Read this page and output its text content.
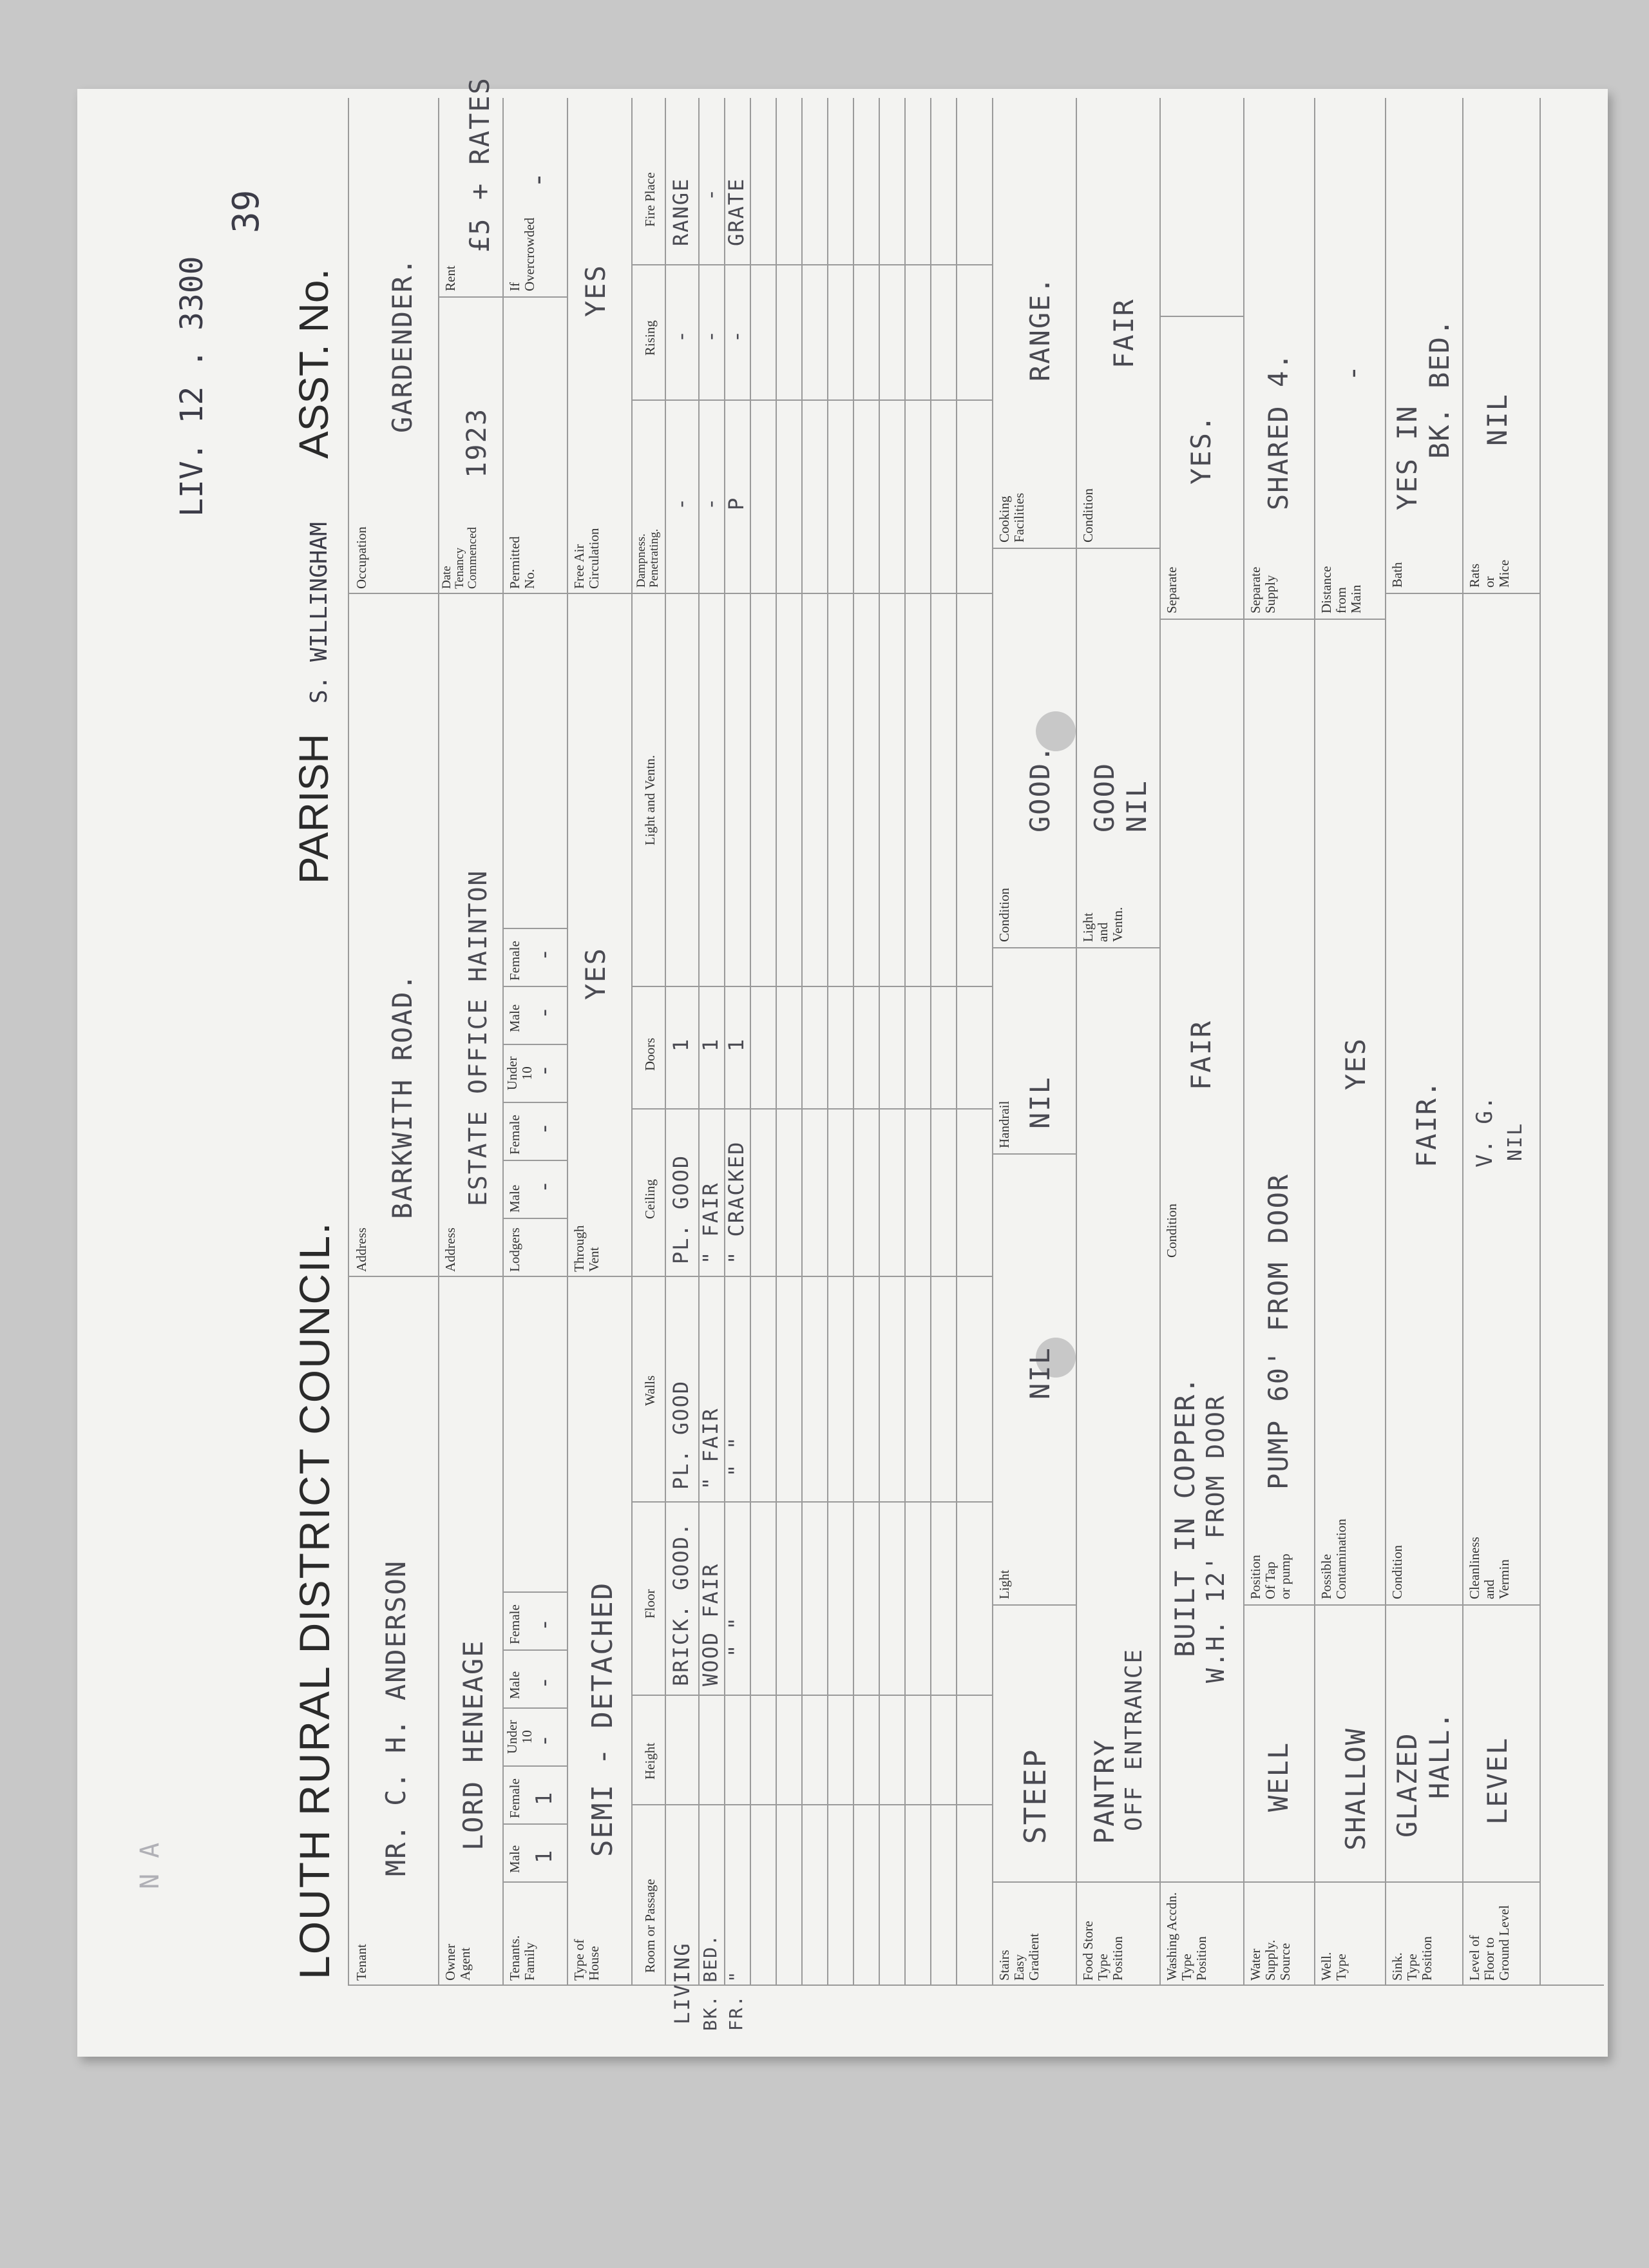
Tenant
MR. C. H. ANDERSON
Address
BARKWITH ROAD.
Occupation
GARDENDER.
Owner
Agent
LORD HENEAGE
Address
ESTATE OFFICE HAINTON
Date
Tenancy
Commenced
1923
Rent
£5 + RATES
Tenants.
Family
Male
Female
Under
10
Male
Female
1
1
-
-
-
Lodgers
Male
Female
Under
10
Male
Female
-
-
-
-
-
Permitted
No.
If
Overcrowded
-
Type of
House
SEMI - DETACHED
Through
Vent
YES
Free Air
Circulation
YES
Room or Passage
Height
Floor
Walls
Ceiling
Doors
Light and Ventn.
Dampness.
Penetrating.
Rising
Fire Place
LIVING
BRICK. GOOD.
PL. GOOD
PL. GOOD
1
-
-
RANGE
BK. BED.
WOOD FAIR
" FAIR
" FAIR
1
-
-
-
FR. "
" "
" "
" CRACKED
1
P
-
GRATE
Stairs
Easy
Gradient
STEEP
Light
NIL
Handrail NIL
Condition
GOOD.
Cooking
Facilities
RANGE.
Food Store
Type
Position
PANTRY OFF ENTRANCE
Light
and
Ventn.
GOOD NIL
Condition
FAIR
Washing Accdn.
Type
Position
BUILT IN COPPER. W.H. 12' FROM DOOR
Condition
FAIR
Separate
YES.
Water
Supply.
Source
WELL
Position
Of Tap
or pump
PUMP 60' FROM DOOR
Separate
Supply
SHARED 4.
Well.
Type
SHALLOW
Possible
Contamination
YES
Distance
from
Main
-
Sink.
Type
Position
GLAZED HALL.
Condition
FAIR.
Bath
YES IN BK. BED.
Level of
Floor to
Ground Level
LEVEL
Cleanliness
and
Vermin
V. G. NIL
Rats
or
Mice
NIL
LOUTH RURAL DISTRICT COUNCIL.
PARISH
S. WILLINGHAM
ASST. No.
LIV. 12 . 3300
39
N A
